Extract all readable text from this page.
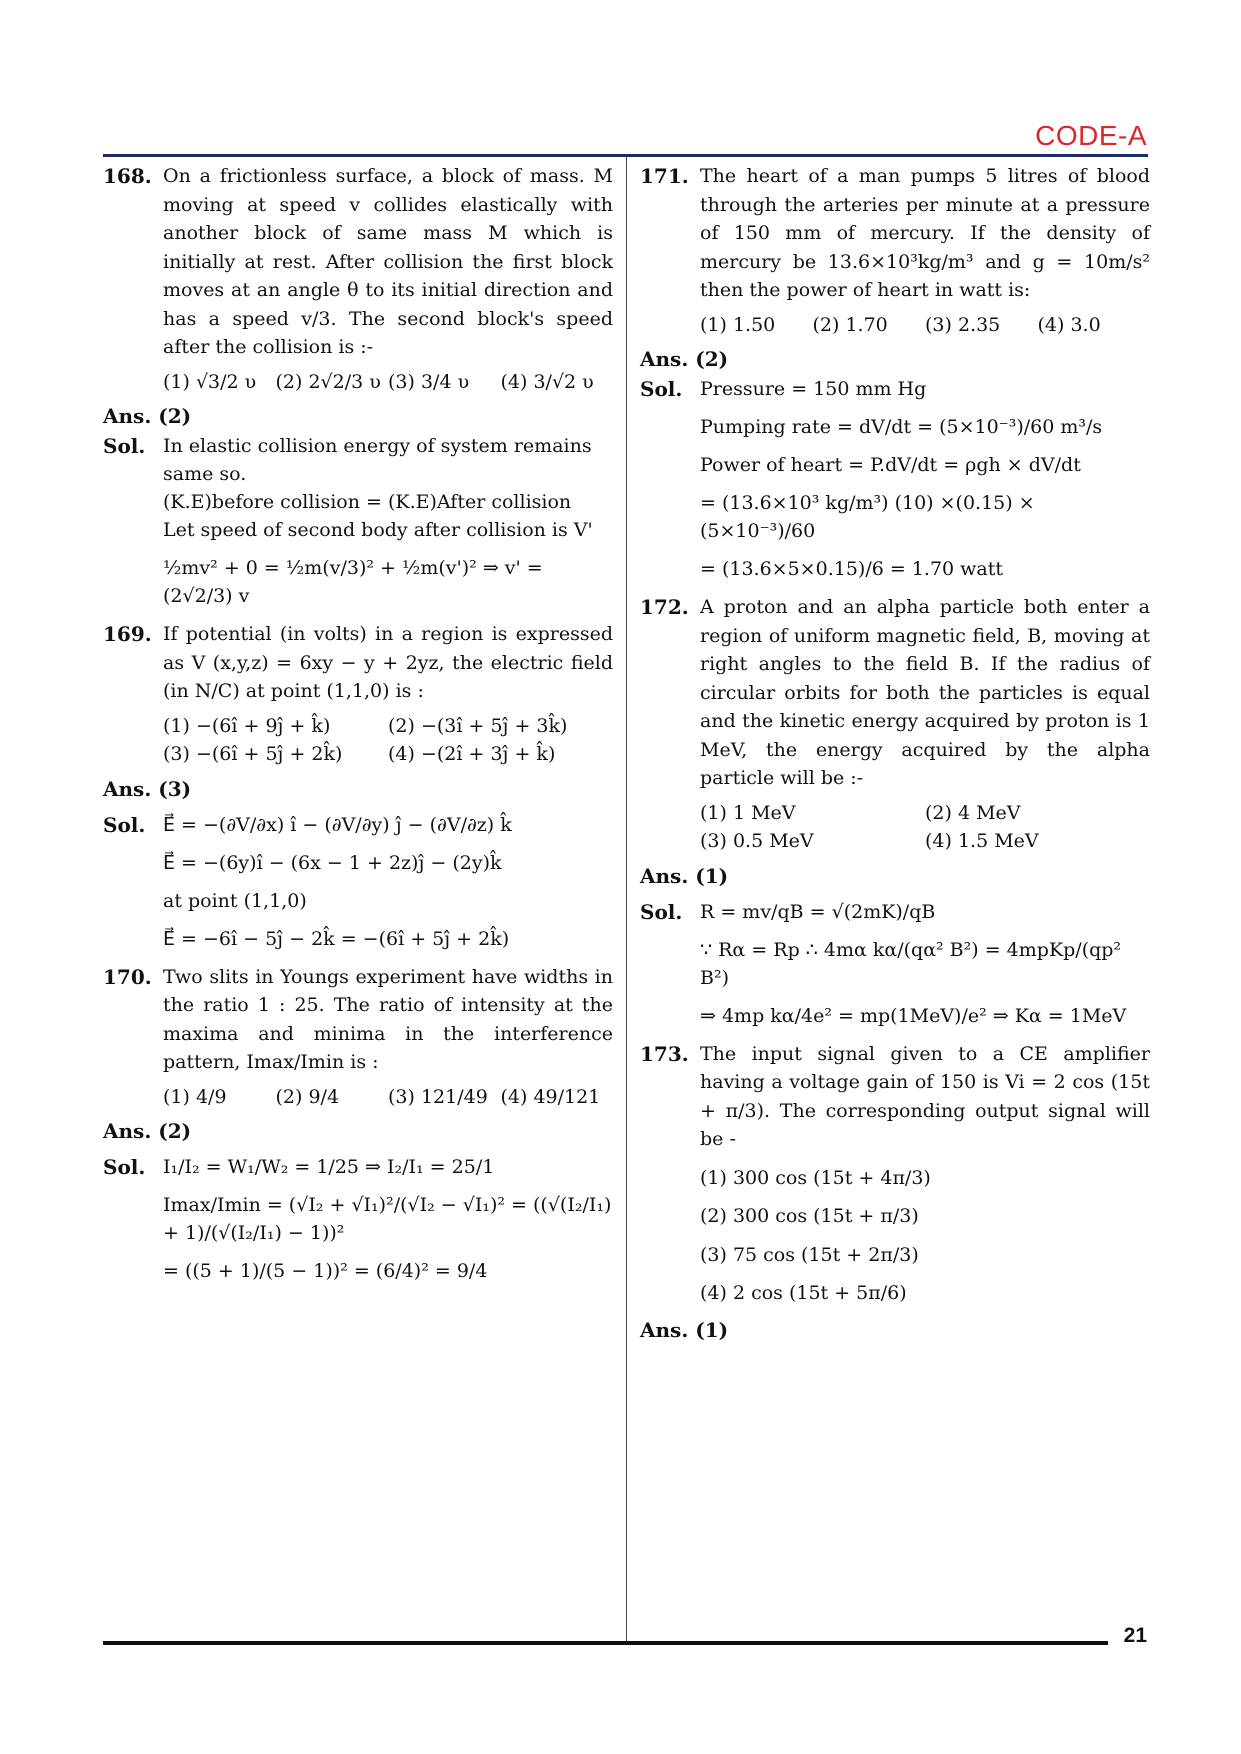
CODE-A
168. On a frictionless surface, a block of mass. M moving at speed v collides elastically with another block of same mass M which is initially at rest. After collision the first block moves at an angle θ to its initial direction and has a speed v/3. The second block's speed after the collision is :-
(1) √3/2 υ	(2) 2√2/3 υ (3) 3/4 υ	(4) 3/√2 υ
Ans. (2)
Sol. In elastic collision energy of system remains same so.
(K.E)before collision = (K.E)After collision
Let speed of second body after collision is V'
½mv² + 0 = ½m(v/3)² + ½m(v')² ⇒ v' = (2√2/3) v
169. If potential (in volts) in a region is expressed as V (x,y,z) = 6xy − y + 2yz, the electric field (in N/C) at point (1,1,0) is :
(1) −(6î + 9ĵ + k̂)	(2) −(3î + 5ĵ + 3k̂)
(3) −(6î + 5ĵ + 2k̂)	(4) −(2î + 3ĵ + k̂)
Ans. (3)
Sol. E⃗ = −(∂V/∂x) î − (∂V/∂y) ĵ − (∂V/∂z) k̂
E⃗ = −(6y)î − (6x − 1 + 2z)ĵ − (2y)k̂
at point (1,1,0)
E⃗ = −6î − 5ĵ − 2k̂ = −(6î + 5ĵ + 2k̂)
170. Two slits in Youngs experiment have widths in the ratio 1 : 25. The ratio of intensity at the maxima and minima in the interference pattern, Imax/Imin is :
(1) 4/9	(2) 9/4	(3) 121/49 (4) 49/121
Ans. (2)
Sol. I₁/I₂ = W₁/W₂ = 1/25 ⇒ I₂/I₁ = 25/1
Imax/Imin = (√I₂ + √I₁)²/(√I₂ − √I₁)² = ((√(I₂/I₁) + 1)/(√(I₂/I₁) − 1))²
= ((5 + 1)/(5 − 1))² = (6/4)² = 9/4
171. The heart of a man pumps 5 litres of blood through the arteries per minute at a pressure of 150 mm of mercury. If the density of mercury be 13.6×10³kg/m³ and g = 10m/s² then the power of heart in watt is:
(1) 1.50	(2) 1.70	(3) 2.35	(4) 3.0
Ans. (2)
Sol. Pressure = 150 mm Hg
Pumping rate = dV/dt = (5×10⁻³)/60 m³/s
Power of heart = P.dV/dt = ρgh × dV/dt
= (13.6×10³ kg/m³) (10) ×(0.15) × (5×10⁻³)/60
= (13.6×5×0.15)/6 = 1.70 watt
172. A proton and an alpha particle both enter a region of uniform magnetic field, B, moving at right angles to the field B. If the radius of circular orbits for both the particles is equal and the kinetic energy acquired by proton is 1 MeV, the energy acquired by the alpha particle will be :-
(1) 1 MeV	(2) 4 MeV
(3) 0.5 MeV	(4) 1.5 MeV
Ans. (1)
Sol. R = mv/qB = √(2mK)/qB
∵ Rα = Rp ∴ 4mα kα/(qα² B²) = 4mpKp/(qp² B²)
⇒ 4mp kα/4e² = mp(1MeV)/e² ⇒ Kα = 1MeV
173. The input signal given to a CE amplifier having a voltage gain of 150 is Vi = 2 cos (15t + π/3). The corresponding output signal will be -
(1) 300 cos (15t + 4π/3)
(2) 300 cos (15t + π/3)
(3) 75 cos (15t + 2π/3)
(4) 2 cos (15t + 5π/6)
Ans. (1)
21
